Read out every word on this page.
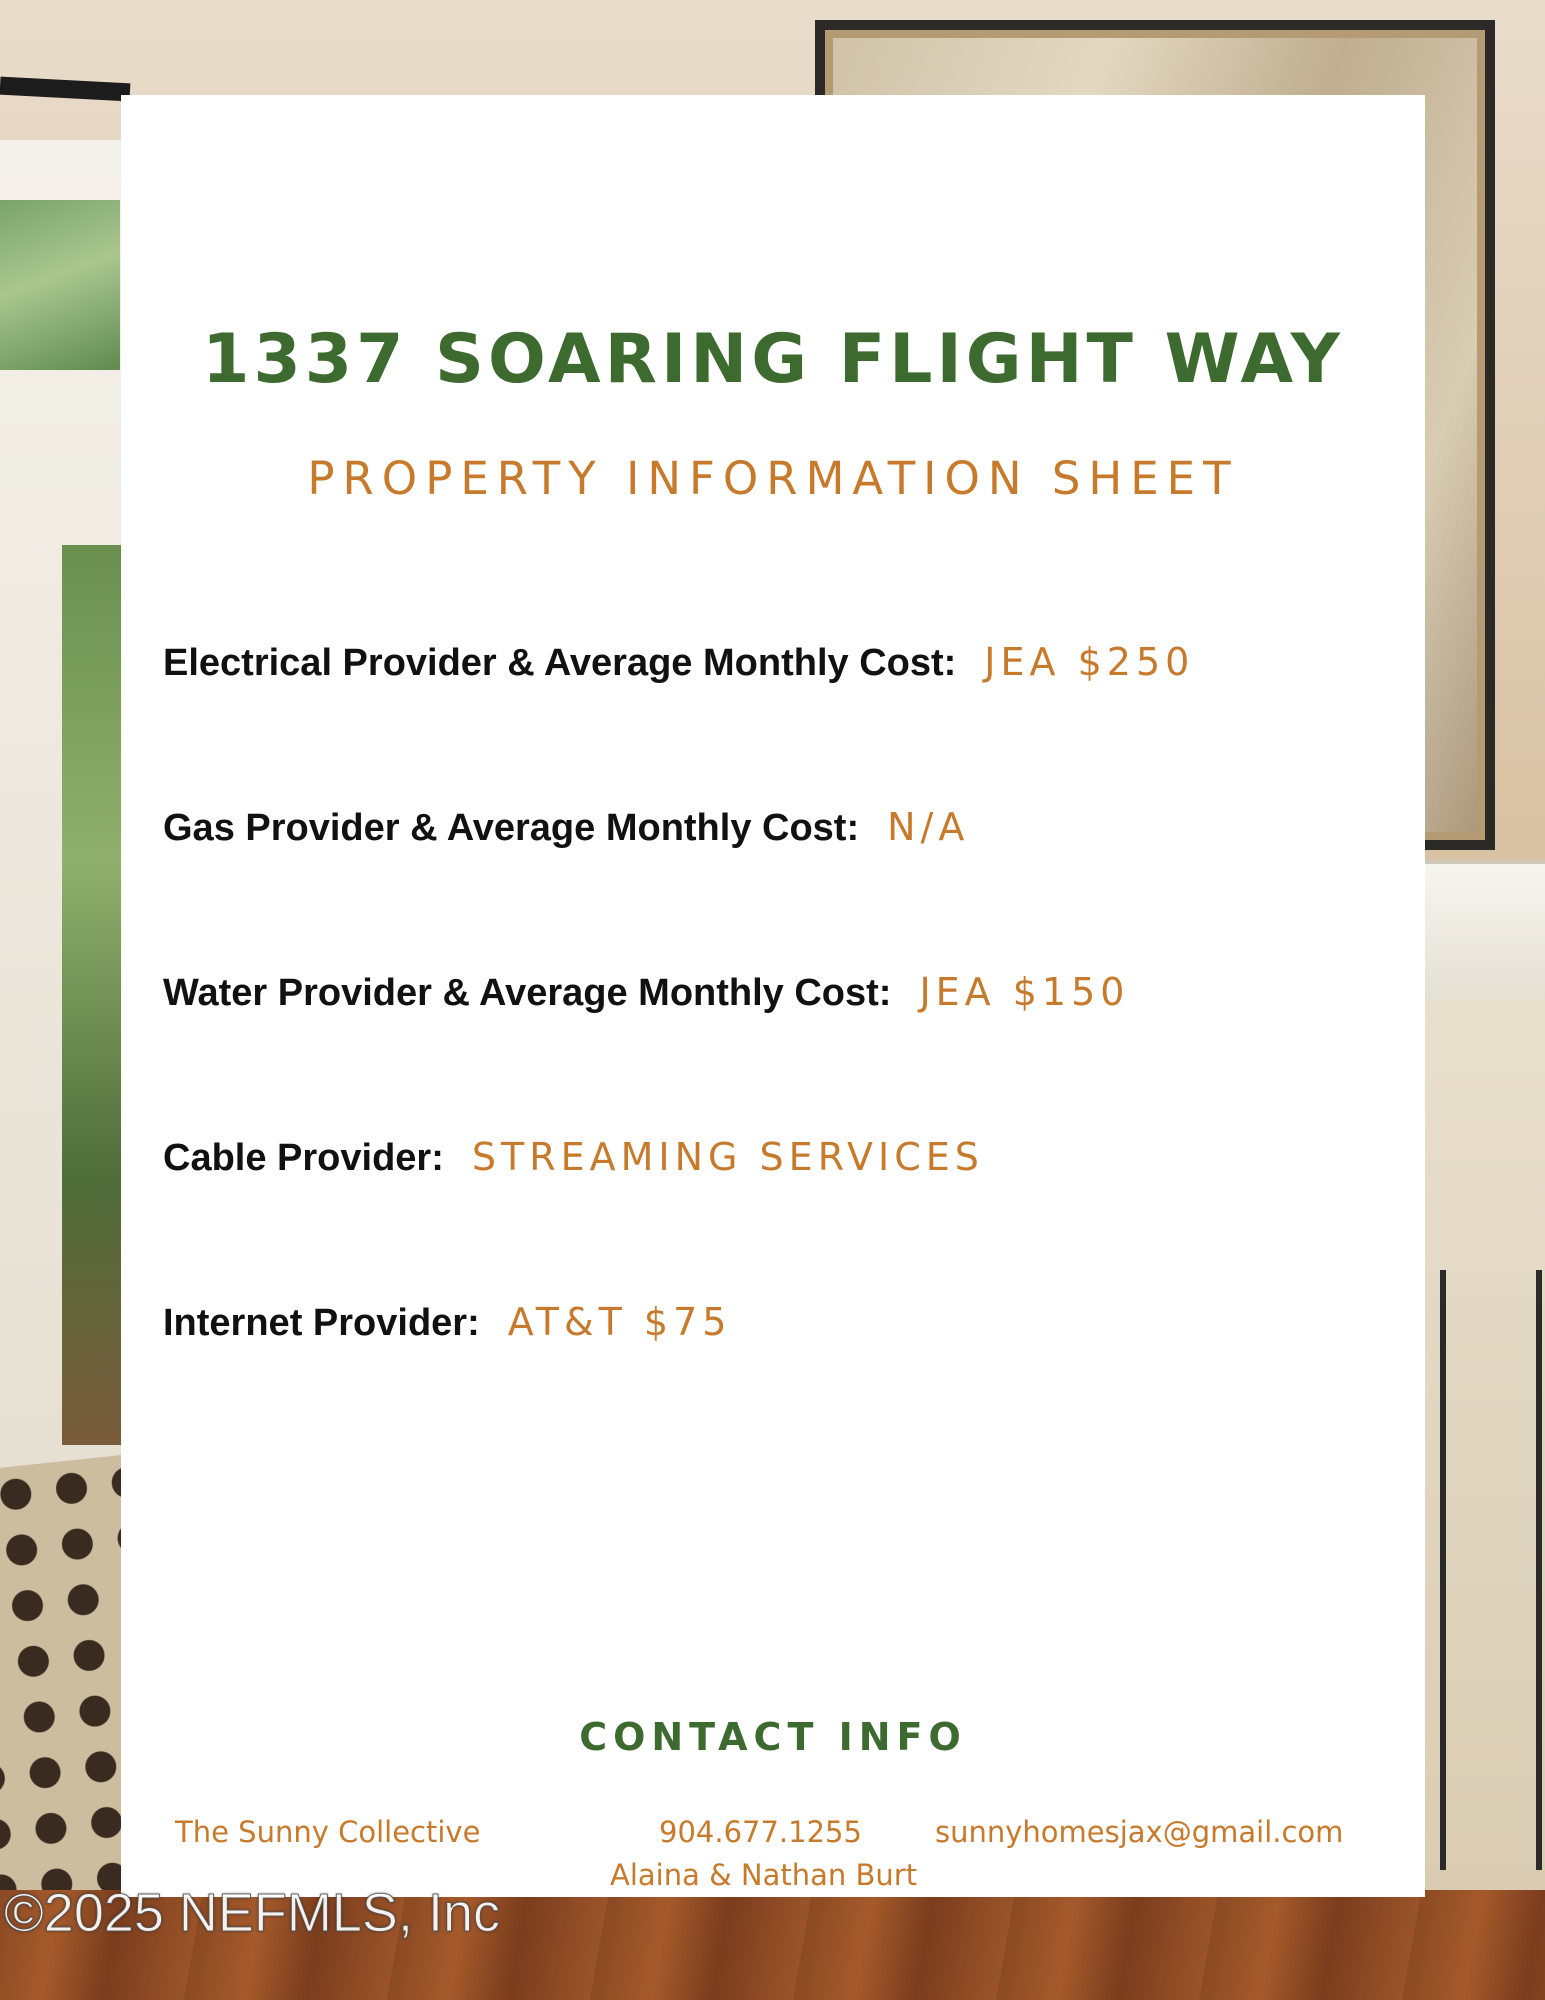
1337 SOARING FLIGHT WAY
PROPERTY INFORMATION SHEET
Electrical Provider & Average Monthly Cost: JEA $250
Gas Provider & Average Monthly Cost: N/A
Water Provider & Average Monthly Cost: JEA $150
Cable Provider: STREAMING SERVICES
Internet Provider: AT&T $75
CONTACT INFO
The Sunny Collective	904.677.1255	sunnyhomesjax@gmail.com
Alaina & Nathan Burt
©2025 NEFMLS, Inc
